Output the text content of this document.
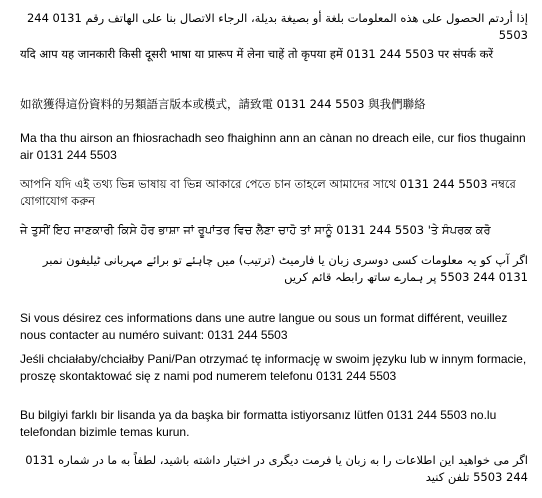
إذا أردتم الحصول على هذه المعلومات بلغة أو بصيغة بديلة، الرجاء الاتصال بنا على الهاتف رقم 0131 244 5503

यदि आप यह जानकारी किसी दूसरी भाषा या प्रारूप में लेना चाहें तो कृपया हमें 0131 244 5503 पर संपर्क करें

如欲獲得這份資料的另類語言版本或模式，請致電 0131 244 5503 與我們聯絡

Ma tha thu airson an fhiosrachadh seo fhaighinn ann an cànan no dreach eile, cur fios thugainn air 0131 244 5503

আপনি যদি এই তথ্য ভিন্ন ভাষায় বা ভিন্ন আকারে পেতে চান তাহলে আমাদের সাথে 0131 244 5503 নম্বরে যোগাযোগ করুন

ਜੇ ਤੁਸੀਂ ਇਹ ਜਾਣਕਾਰੀ ਕਿਸੇ ਹੋਰ ਭਾਸ਼ਾ ਜਾਂ ਰੂਪਾਂਤਰ ਵਿਚ ਲੈਣਾ ਚਾਹੋ ਤਾਂ ਸਾਨੂੰ 0131 244 5503 'ਤੇ ਸੰਪਰਕ ਕਰੋ

اگر آپ کو یہ معلومات کسی دوسری زبان یا فارمیٹ (ترتیب) میں چاہئے تو برائے مہربانی ٹیلیفون نمبر 0131 244 5503 پر ہمارے ساتھ رابطہ قائم کریں

Si vous désirez ces informations dans une autre langue ou sous un format différent, veuillez nous contacter au numéro suivant: 0131 244 5503

Jeśli chciałaby/chciałby Pani/Pan otrzymać tę informację w swoim języku lub w innym formacie, proszę skontaktować się z nami pod numerem telefonu 0131 244 5503

Bu bilgiyi farklı bir lisanda ya da başka bir formatta istiyorsanız lütfen 0131 244 5503 no.lu telefondan bizimle temas kurun.

اگر می خواهید این اطلاعات را به زبان یا فرمت دیگری در اختیار داشته باشید، لطفاً به ما در شماره 0131 244 5503 تلفن کنید
